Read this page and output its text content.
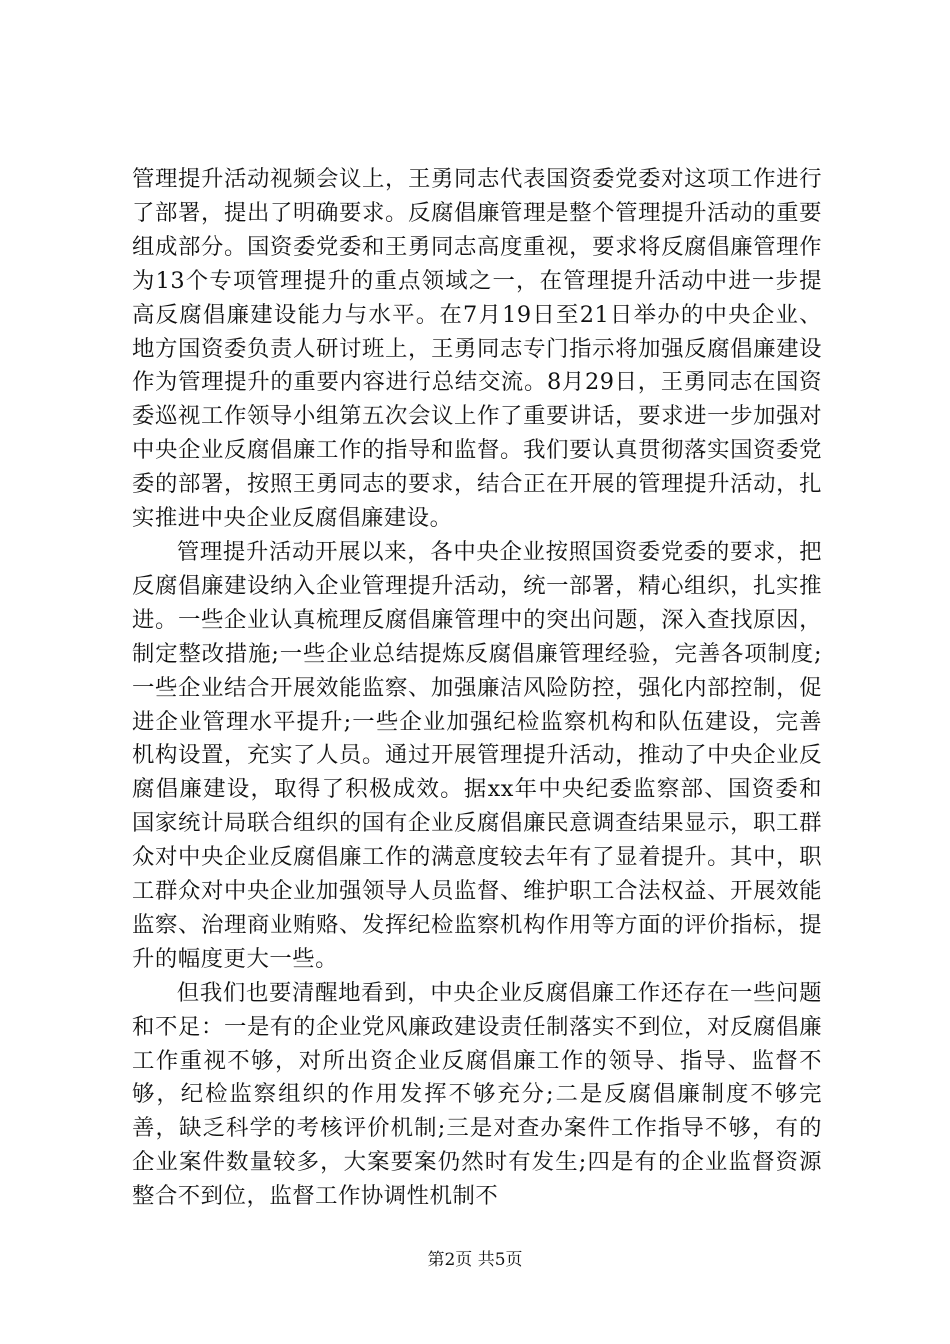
管理提升活动视频会议上，王勇同志代表国资委党委对这项工作进行了部署，提出了明确要求。反腐倡廉管理是整个管理提升活动的重要组成部分。国资委党委和王勇同志高度重视，要求将反腐倡廉管理作为13个专项管理提升的重点领域之一，在管理提升活动中进一步提高反腐倡廉建设能力与水平。在7月19日至21日举办的中央企业、地方国资委负责人研讨班上，王勇同志专门指示将加强反腐倡廉建设作为管理提升的重要内容进行总结交流。8月29日，王勇同志在国资委巡视工作领导小组第五次会议上作了重要讲话，要求进一步加强对中央企业反腐倡廉工作的指导和监督。我们要认真贯彻落实国资委党委的部署，按照王勇同志的要求，结合正在开展的管理提升活动，扎实推进中央企业反腐倡廉建设。

管理提升活动开展以来，各中央企业按照国资委党委的要求，把反腐倡廉建设纳入企业管理提升活动，统一部署，精心组织，扎实推进。一些企业认真梳理反腐倡廉管理中的突出问题，深入查找原因，制定整改措施;一些企业总结提炼反腐倡廉管理经验，完善各项制度;一些企业结合开展效能监察、加强廉洁风险防控，强化内部控制，促进企业管理水平提升;一些企业加强纪检监察机构和队伍建设，完善机构设置，充实了人员。通过开展管理提升活动，推动了中央企业反腐倡廉建设，取得了积极成效。据xx年中央纪委监察部、国资委和国家统计局联合组织的国有企业反腐倡廉民意调查结果显示，职工群众对中央企业反腐倡廉工作的满意度较去年有了显着提升。其中，职工群众对中央企业加强领导人员监督、维护职工合法权益、开展效能监察、治理商业贿赂、发挥纪检监察机构作用等方面的评价指标，提升的幅度更大一些。

但我们也要清醒地看到，中央企业反腐倡廉工作还存在一些问题和不足：一是有的企业党风廉政建设责任制落实不到位，对反腐倡廉工作重视不够，对所出资企业反腐倡廉工作的领导、指导、监督不够，纪检监察组织的作用发挥不够充分;二是反腐倡廉制度不够完善，缺乏科学的考核评价机制;三是对查办案件工作指导不够，有的企业案件数量较多，大案要案仍然时有发生;四是有的企业监督资源整合不到位，监督工作协调性机制不

第2页 共5页
